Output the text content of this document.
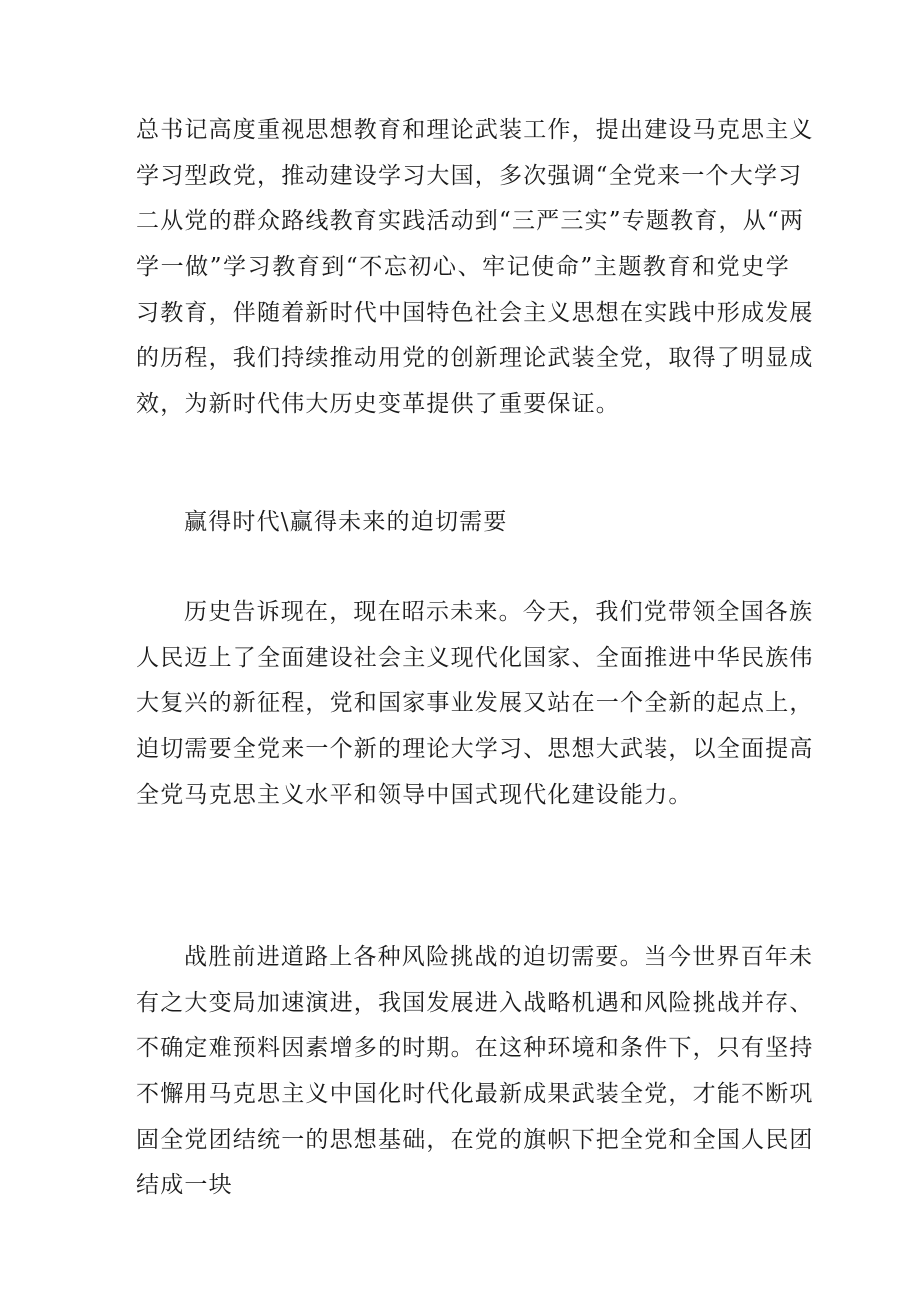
总书记高度重视思想教育和理论武装工作，提出建设马克思主义
学习型政党，推动建设学习大国，多次强调“全党来一个大学习
二从党的群众路线教育实践活动到“三严三实”专题教育，从“两
学一做”学习教育到“不忘初心、牢记使命”主题教育和党史学
习教育，伴随着新时代中国特色社会主义思想在实践中形成发展
的历程，我们持续推动用党的创新理论武装全党，取得了明显成
效，为新时代伟大历史变革提供了重要保证。
赢得时代\赢得未来的迫切需要
历史告诉现在，现在昭示未来。今天，我们党带领全国各族
人民迈上了全面建设社会主义现代化国家、全面推进中华民族伟
大复兴的新征程，党和国家事业发展又站在一个全新的起点上，
迫切需要全党来一个新的理论大学习、思想大武装，以全面提高
全党马克思主义水平和领导中国式现代化建设能力。
战胜前进道路上各种风险挑战的迫切需要。当今世界百年未
有之大变局加速演进，我国发展进入战略机遇和风险挑战并存、
不确定难预料因素增多的时期。在这种环境和条件下，只有坚持
不懈用马克思主义中国化时代化最新成果武装全党，才能不断巩
固全党团结统一的思想基础，在党的旗帜下把全党和全国人民团
结成一块
